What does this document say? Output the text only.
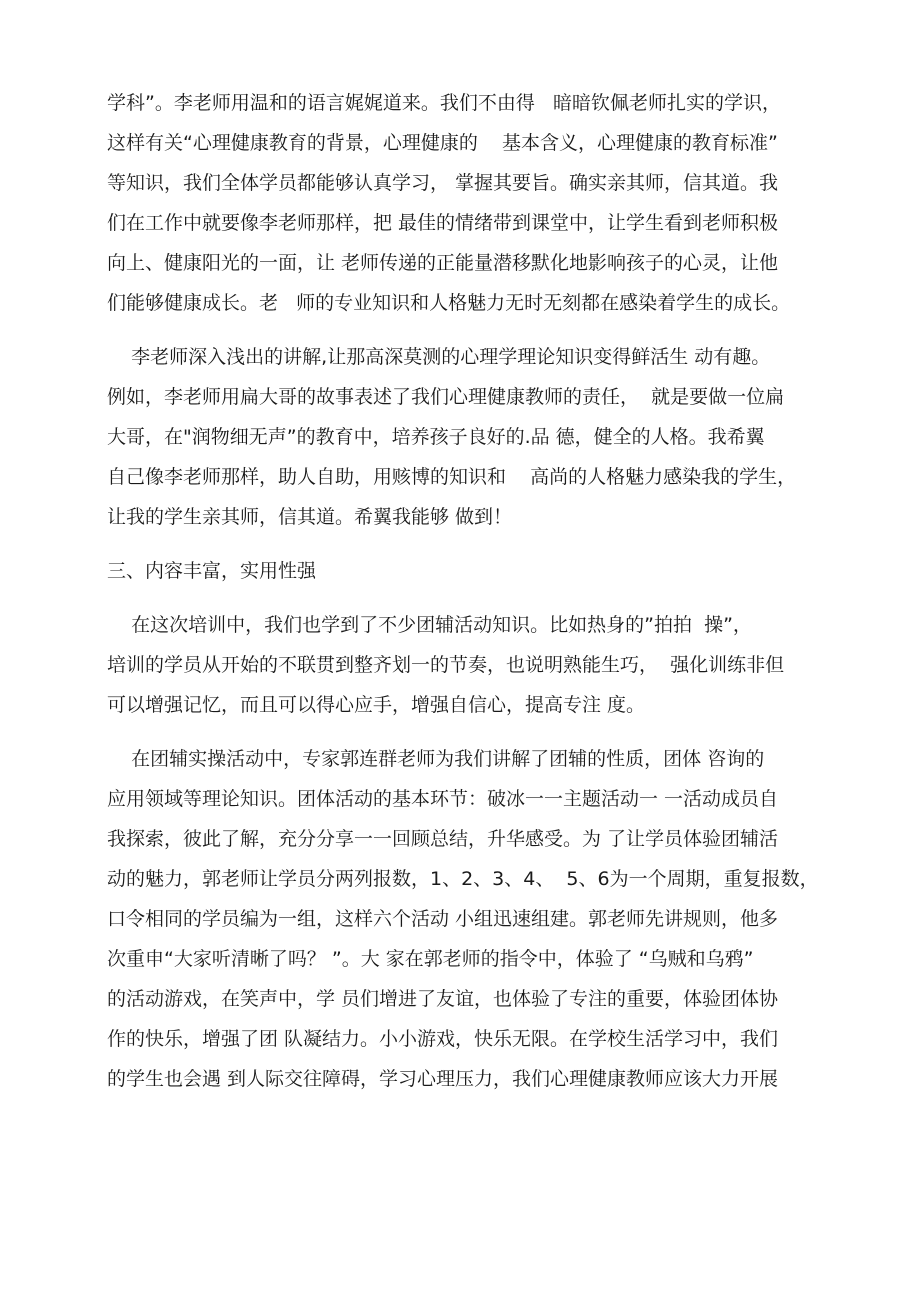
学科”。李老师用温和的语言娓娓道来。我们不由得   暗暗钦佩老师扎实的学识，
这样有关“心理健康教育的背景，心理健康的    基本含义，心理健康的教育标准”
等知识，我们全体学员都能够认真学习， 掌握其要旨。确实亲其师，信其道。我
们在工作中就要像李老师那样，把 最佳的情绪带到课堂中，让学生看到老师积极
向上、健康阳光的一面，让 老师传递的正能量潜移默化地影响孩子的心灵，让他
们能够健康成长。老   师的专业知识和人格魅力无时无刻都在感染着学生的成长。
李老师深入浅出的讲解,让那高深莫测的心理学理论知识变得鲜活生 动有趣。
例如，李老师用扁大哥的故事表述了我们心理健康教师的责任，  就是要做一位扁
大哥，在"润物细无声”的教育中，培养孩子良好的.品 德，健全的人格。我希翼
自己像李老师那样，助人自助，用赅博的知识和    高尚的人格魅力感染我的学生，
让我的学生亲其师，信其道。希翼我能够 做到！
三、内容丰富，实用性强
在这次培训中，我们也学到了不少团辅活动知识。比如热身的”拍拍  操”，
培训的学员从开始的不联贯到整齐划一的节奏，也说明熟能生巧，  强化训练非但
可以增强记忆，而且可以得心应手，增强自信心，提高专注 度。
在团辅实操活动中，专家郭连群老师为我们讲解了团辅的性质，团体 咨询的
应用领域等理论知识。团体活动的基本环节：破冰一一主题活动一 一活动成员自
我探索，彼此了解，充分分享一一回顾总结，升华感受。为 了让学员体验团辅活
动的魅力，郭老师让学员分两列报数，1、2、3、4、  5、6为一个周期，重复报数，
口令相同的学员编为一组，这样六个活动 小组迅速组建。郭老师先讲规则，他多
次重申“大家听清晰了吗？ ”。大 家在郭老师的指令中，体验了 “乌贼和乌鸦”
的活动游戏，在笑声中，学 员们增进了友谊，也体验了专注的重要，体验团体协
作的快乐，增强了团 队凝结力。小小游戏，快乐无限。在学校生活学习中，我们
的学生也会遇 到人际交往障碍，学习心理压力，我们心理健康教师应该大力开展
